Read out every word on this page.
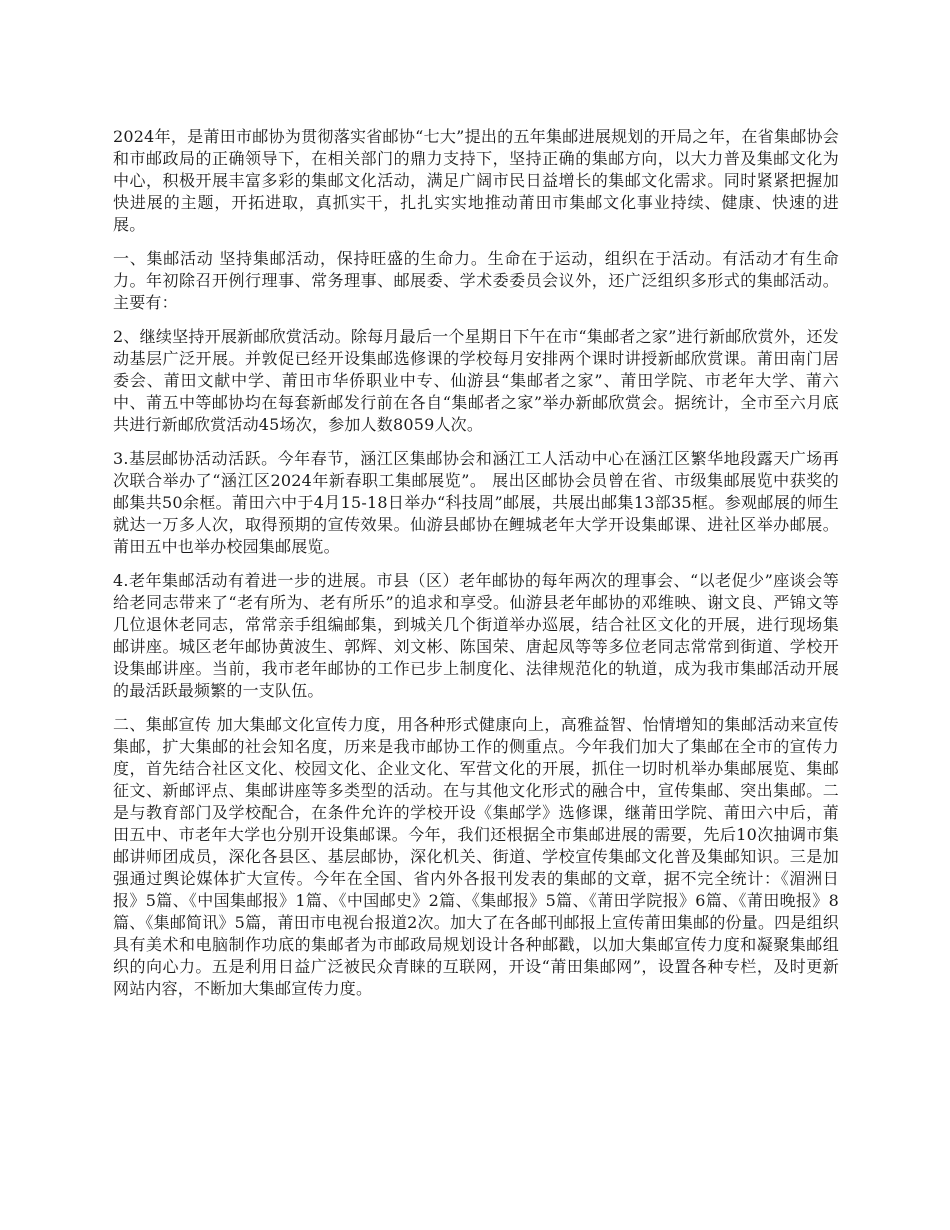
2024年，是莆田市邮协为贯彻落实省邮协“七大”提出的五年集邮进展规划的开局之年，在省集邮协会和市邮政局的正确领导下，在相关部门的鼎力支持下，坚持正确的集邮方向，以大力普及集邮文化为中心，积极开展丰富多彩的集邮文化活动，满足广阔市民日益增长的集邮文化需求。同时紧紧把握加快进展的主题，开拓进取，真抓实干，扎扎实实地推动莆田市集邮文化事业持续、健康、快速的进展。

一、集邮活动 坚持集邮活动，保持旺盛的生命力。生命在于运动，组织在于活动。有活动才有生命力。年初除召开例行理事、常务理事、邮展委、学术委委员会议外，还广泛组织多形式的集邮活动。主要有：

2、继续坚持开展新邮欣赏活动。除每月最后一个星期日下午在市“集邮者之家”进行新邮欣赏外，还发动基层广泛开展。并敦促已经开设集邮选修课的学校每月安排两个课时讲授新邮欣赏课。莆田南门居委会、莆田文献中学、莆田市华侨职业中专、仙游县“集邮者之家”、莆田学院、市老年大学、莆六中、莆五中等邮协均在每套新邮发行前在各自“集邮者之家”举办新邮欣赏会。据统计，全市至六月底共进行新邮欣赏活动45场次，参加人数8059人次。

3.基层邮协活动活跃。今年春节，涵江区集邮协会和涵江工人活动中心在涵江区繁华地段露天广场再次联合举办了“涵江区2024年新春职工集邮展览”。 展出区邮协会员曾在省、市级集邮展览中获奖的邮集共50余框。莆田六中于4月15-18日举办“科技周”邮展，共展出邮集13部35框。参观邮展的师生就达一万多人次，取得预期的宣传效果。仙游县邮协在鲤城老年大学开设集邮课、进社区举办邮展。莆田五中也举办校园集邮展览。

4.老年集邮活动有着进一步的进展。市县（区）老年邮协的每年两次的理事会、“以老促少”座谈会等给老同志带来了“老有所为、老有所乐”的追求和享受。仙游县老年邮协的邓维映、谢文良、严锦文等几位退休老同志，常常亲手组编邮集，到城关几个街道举办巡展，结合社区文化的开展，进行现场集邮讲座。城区老年邮协黄波生、郭辉、刘文彬、陈国荣、唐起凤等等多位老同志常常到街道、学校开设集邮讲座。当前，我市老年邮协的工作已步上制度化、法律规范化的轨道，成为我市集邮活动开展的最活跃最频繁的一支队伍。

二、集邮宣传 加大集邮文化宣传力度，用各种形式健康向上，高雅益智、怡情增知的集邮活动来宣传集邮，扩大集邮的社会知名度，历来是我市邮协工作的侧重点。今年我们加大了集邮在全市的宣传力度，首先结合社区文化、校园文化、企业文化、军营文化的开展，抓住一切时机举办集邮展览、集邮征文、新邮评点、集邮讲座等多类型的活动。在与其他文化形式的融合中，宣传集邮、突出集邮。二是与教育部门及学校配合，在条件允许的学校开设《集邮学》选修课，继莆田学院、莆田六中后，莆田五中、市老年大学也分别开设集邮课。今年，我们还根据全市集邮进展的需要，先后10次抽调市集邮讲师团成员，深化各县区、基层邮协，深化机关、街道、学校宣传集邮文化普及集邮知识。三是加强通过舆论媒体扩大宣传。今年在全国、省内外各报刊发表的集邮的文章，据不完全统计：《湄洲日报》5篇、《中国集邮报》1篇、《中国邮史》2篇、《集邮报》5篇、《莆田学院报》6篇、《莆田晚报》8篇、《集邮简讯》5篇，莆田市电视台报道2次。加大了在各邮刊邮报上宣传莆田集邮的份量。四是组织具有美术和电脑制作功底的集邮者为市邮政局规划设计各种邮戳，以加大集邮宣传力度和凝聚集邮组织的向心力。五是利用日益广泛被民众青睐的互联网，开设“莆田集邮网”，设置各种专栏，及时更新网站内容，不断加大集邮宣传力度。
